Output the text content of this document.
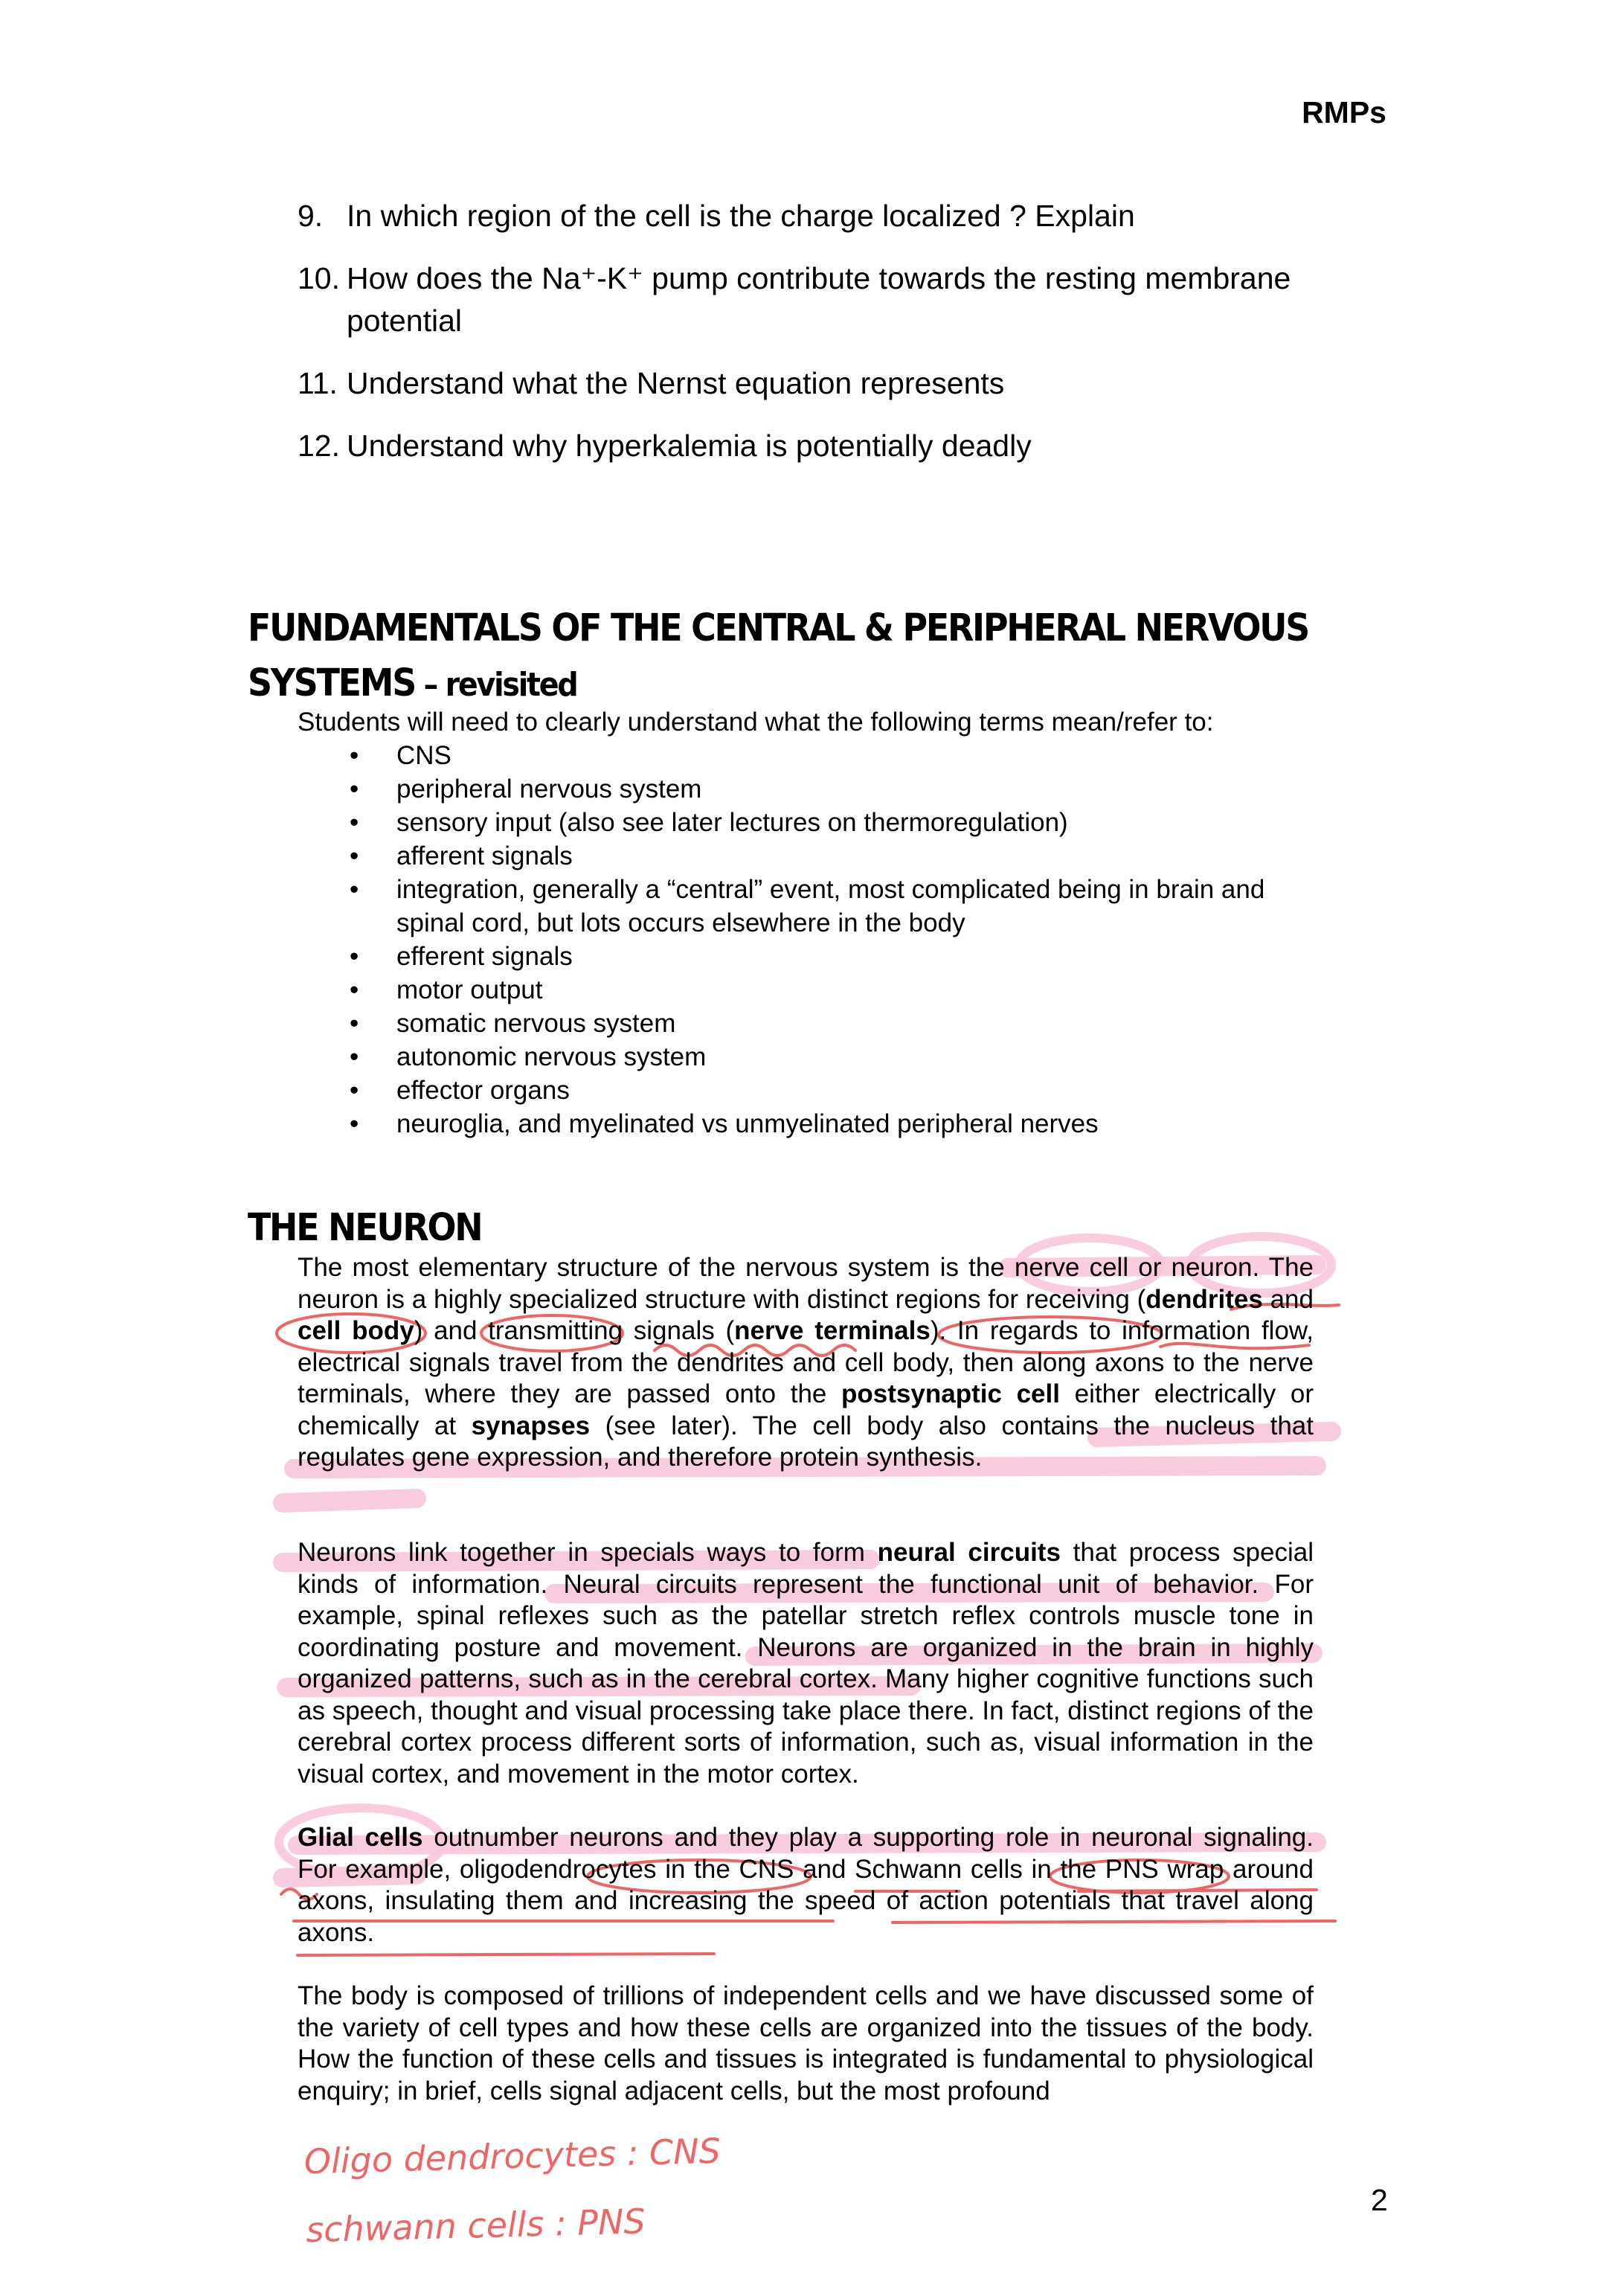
RMPs
9. In which region of the cell is the charge localized ? Explain
10. How does the Na⁺-K⁺ pump contribute towards the resting membrane potential
11. Understand what the Nernst equation represents
12. Understand why hyperkalemia is potentially deadly
FUNDAMENTALS OF THE CENTRAL & PERIPHERAL NERVOUS
SYSTEMS – revisited
Students will need to clearly understand what the following terms mean/refer to:
• CNS
• peripheral nervous system
• sensory input (also see later lectures on thermoregulation)
• afferent signals
• integration, generally a “central” event, most complicated being in brain and spinal cord, but lots occurs elsewhere in the body
• efferent signals
• motor output
• somatic nervous system
• autonomic nervous system
• effector organs
• neuroglia, and myelinated vs unmyelinated peripheral nerves
THE NEURON

The most elementary structure of the nervous system is the nerve cell or neuron. The neuron is a highly specialized structure with distinct regions for receiving (dendrites and cell body) and transmitting signals (nerve terminals). In regards to information flow, electrical signals travel from the dendrites and cell body, then along axons to the nerve terminals, where they are passed onto the postsynaptic cell either electrically or chemically at synapses (see later). The cell body also contains the nucleus that regulates gene expression, and therefore protein synthesis.

Neurons link together in specials ways to form neural circuits that process special kinds of information. Neural circuits represent the functional unit of behavior. For example, spinal reflexes such as the patellar stretch reflex controls muscle tone in coordinating posture and movement. Neurons are organized in the brain in highly organized patterns, such as in the cerebral cortex. Many higher cognitive functions such as speech, thought and visual processing take place there. In fact, distinct regions of the cerebral cortex process different sorts of information, such as, visual information in the visual cortex, and movement in the motor cortex.

Glial cells outnumber neurons and they play a supporting role in neuronal signaling. For example, oligodendrocytes in the CNS and Schwann cells in the PNS wrap around axons, insulating them and increasing the speed of action potentials that travel along axons.

The body is composed of trillions of independent cells and we have discussed some of the variety of cell types and how these cells are organized into the tissues of the body. How the function of these cells and tissues is integrated is fundamental to physiological enquiry; in brief, cells signal adjacent cells, but the most profound

2
Oligo dendrocytes : CNS
schwann cells : PNS
